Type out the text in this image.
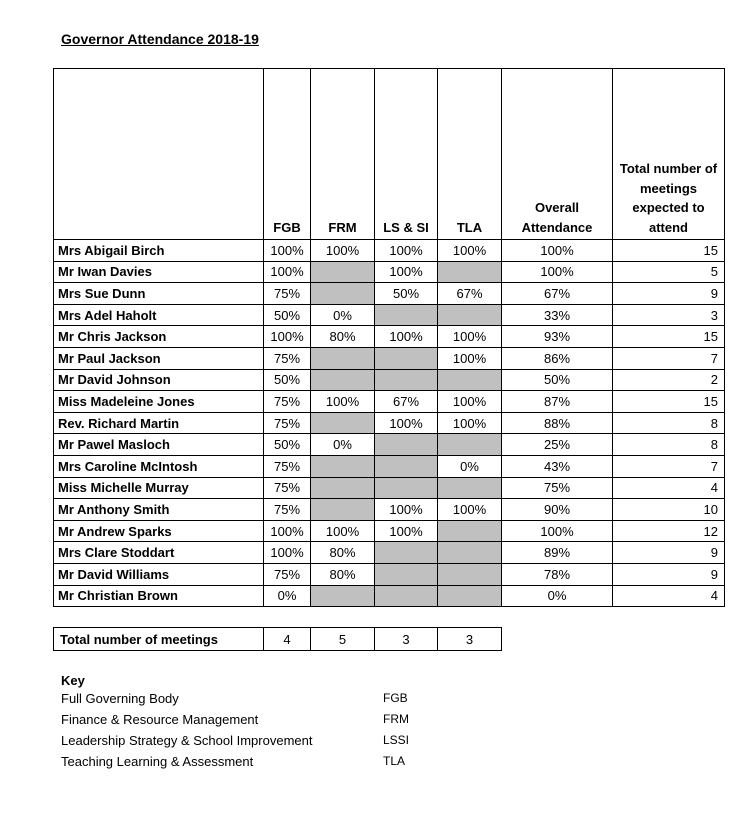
Governor Attendance 2018-19
	FGB	FRM	LS & SI	TLA	Overall Attendance	Total number of meetings expected to attend
Mrs Abigail Birch	100%	100%	100%	100%	100%	15
Mr Iwan Davies	100%		100%		100%	5
Mrs Sue Dunn	75%		50%	67%	67%	9
Mrs Adel Haholt	50%	0%			33%	3
Mr Chris Jackson	100%	80%	100%	100%	93%	15
Mr Paul Jackson	75%			100%	86%	7
Mr David Johnson	50%				50%	2
Miss Madeleine Jones	75%	100%	67%	100%	87%	15
Rev. Richard Martin	75%		100%	100%	88%	8
Mr Pawel Masloch	50%	0%			25%	8
Mrs Caroline McIntosh	75%			0%	43%	7
Miss Michelle Murray	75%				75%	4
Mr Anthony Smith	75%		100%	100%	90%	10
Mr Andrew Sparks	100%	100%	100%		100%	12
Mrs Clare Stoddart	100%	80%			89%	9
Mr David Williams	75%	80%			78%	9
Mr Christian Brown	0%				0%	4
Total number of meetings	4	5	3	3
Key
Full Governing Body	FGB
Finance & Resource Management	FRM
Leadership Strategy & School Improvement	LSSI
Teaching Learning & Assessment	TLA
